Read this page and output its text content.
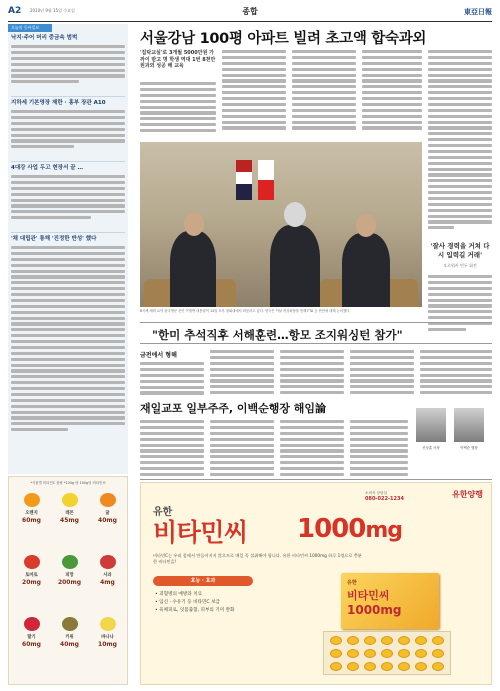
A2 2010년 9월 15일 수요일	종합	東亞日報
오늘의 동아일보
낙지·주어 머리 중금속 범벅
지하세 기본영장 제한 · 홍부 장관 A10
4대강 사업 두고 현장서 끝 …
'채 대립관' 통해 '진정한 반성' 했다
서울강남 100평 아파트 빌려 초고액 합숙과외
'집탁교실'로 3개월 5000만원 가까이 받고 명 학생 역대 1번 8천만원과외 성공 해 교육
8곡세 세력 요약 한국방문 중인 이명박 대통령이 14일 오후 청와대에서 회동하고 있다. 양국은 이날 정상회담을 통해 FTA 등 현안에 대해 논의했다.
'잘사 경력을 거쳐 다시 입력길 거래'
오로워카 빈두 회견
"한미 추석직후 서해훈련…항모 조지워싱턴 참가"
금전에서 형해
재일교포 일부주주, 이백순행장 해임論
신상훈 사장	이백순 행장
*식품별 비타민C 함량 *100g 당 100g당 비타민씨
오렌지
60mg
레몬
45mg
귤
40mg
토마토
20mg
피망
200mg
사과
4mg
딸기
60mg
키위
40mg
바나나
10mg
유한양행
소비자 상담실
080-022-1234
유한
비타민씨 1000mg
비타민C는 우리 몸에서 만들어지지 않으므로 매일 꼭 섭취해야 합니다. 유한 비타민씨 1000mg 하루 1정으로 충분한 비타민을!
효능 · 효과
• 괴혈병의 예방과 치료
• 임신 · 수유기 등 비타민C 보급
• 육체피로, 잇몸출혈, 피부의 기미 완화
유한
비타민씨
1000mg
